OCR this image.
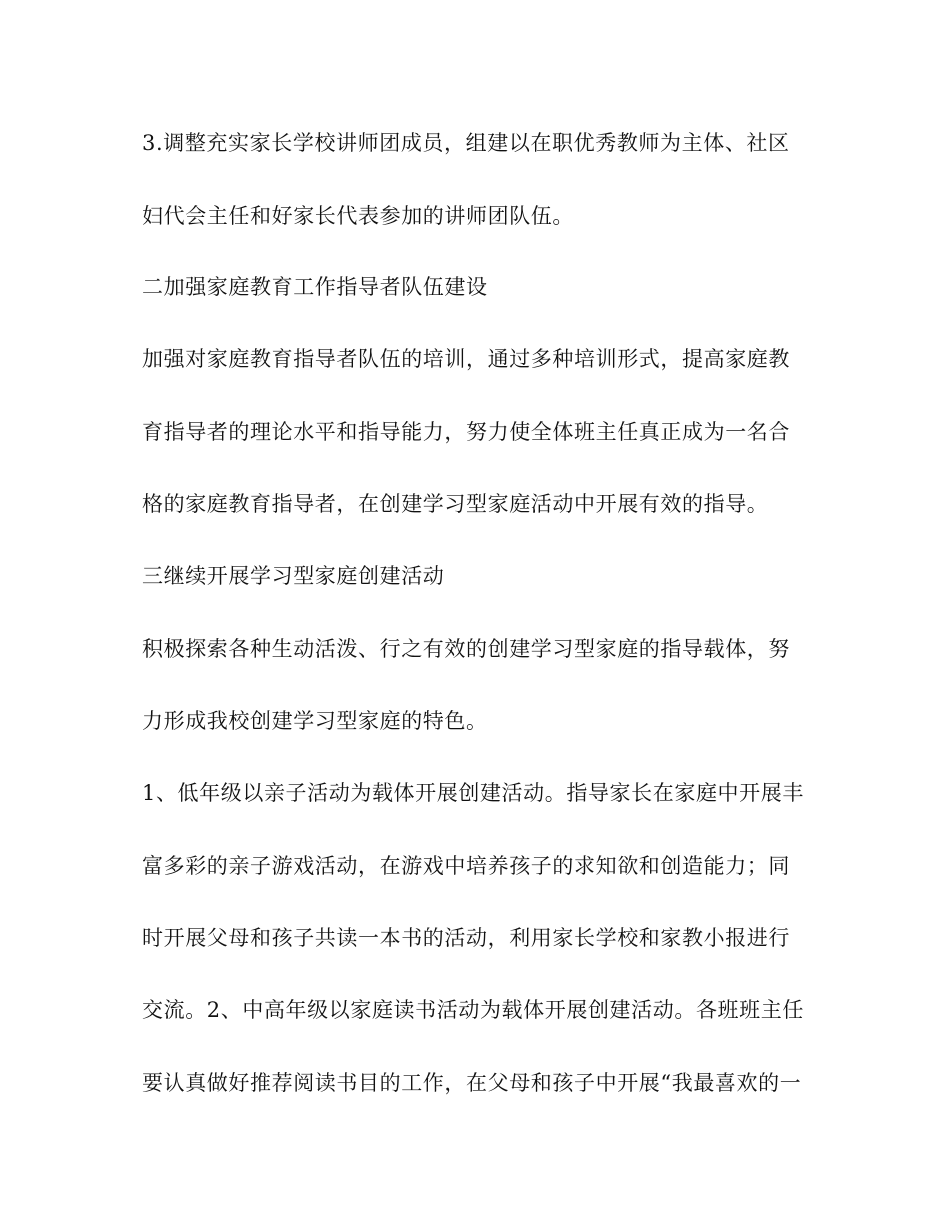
3.调整充实家长学校讲师团成员，组建以在职优秀教师为主体、社区
妇代会主任和好家长代表参加的讲师团队伍。
二加强家庭教育工作指导者队伍建设
加强对家庭教育指导者队伍的培训，通过多种培训形式，提高家庭教
育指导者的理论水平和指导能力，努力使全体班主任真正成为一名合
格的家庭教育指导者，在创建学习型家庭活动中开展有效的指导。
三继续开展学习型家庭创建活动
积极探索各种生动活泼、行之有效的创建学习型家庭的指导载体，努
力形成我校创建学习型家庭的特色。
1、低年级以亲子活动为载体开展创建活动。指导家长在家庭中开展丰
富多彩的亲子游戏活动，在游戏中培养孩子的求知欲和创造能力；同
时开展父母和孩子共读一本书的活动，利用家长学校和家教小报进行
交流。2、中高年级以家庭读书活动为载体开展创建活动。各班班主任
要认真做好推荐阅读书目的工作，在父母和孩子中开展“我最喜欢的一
